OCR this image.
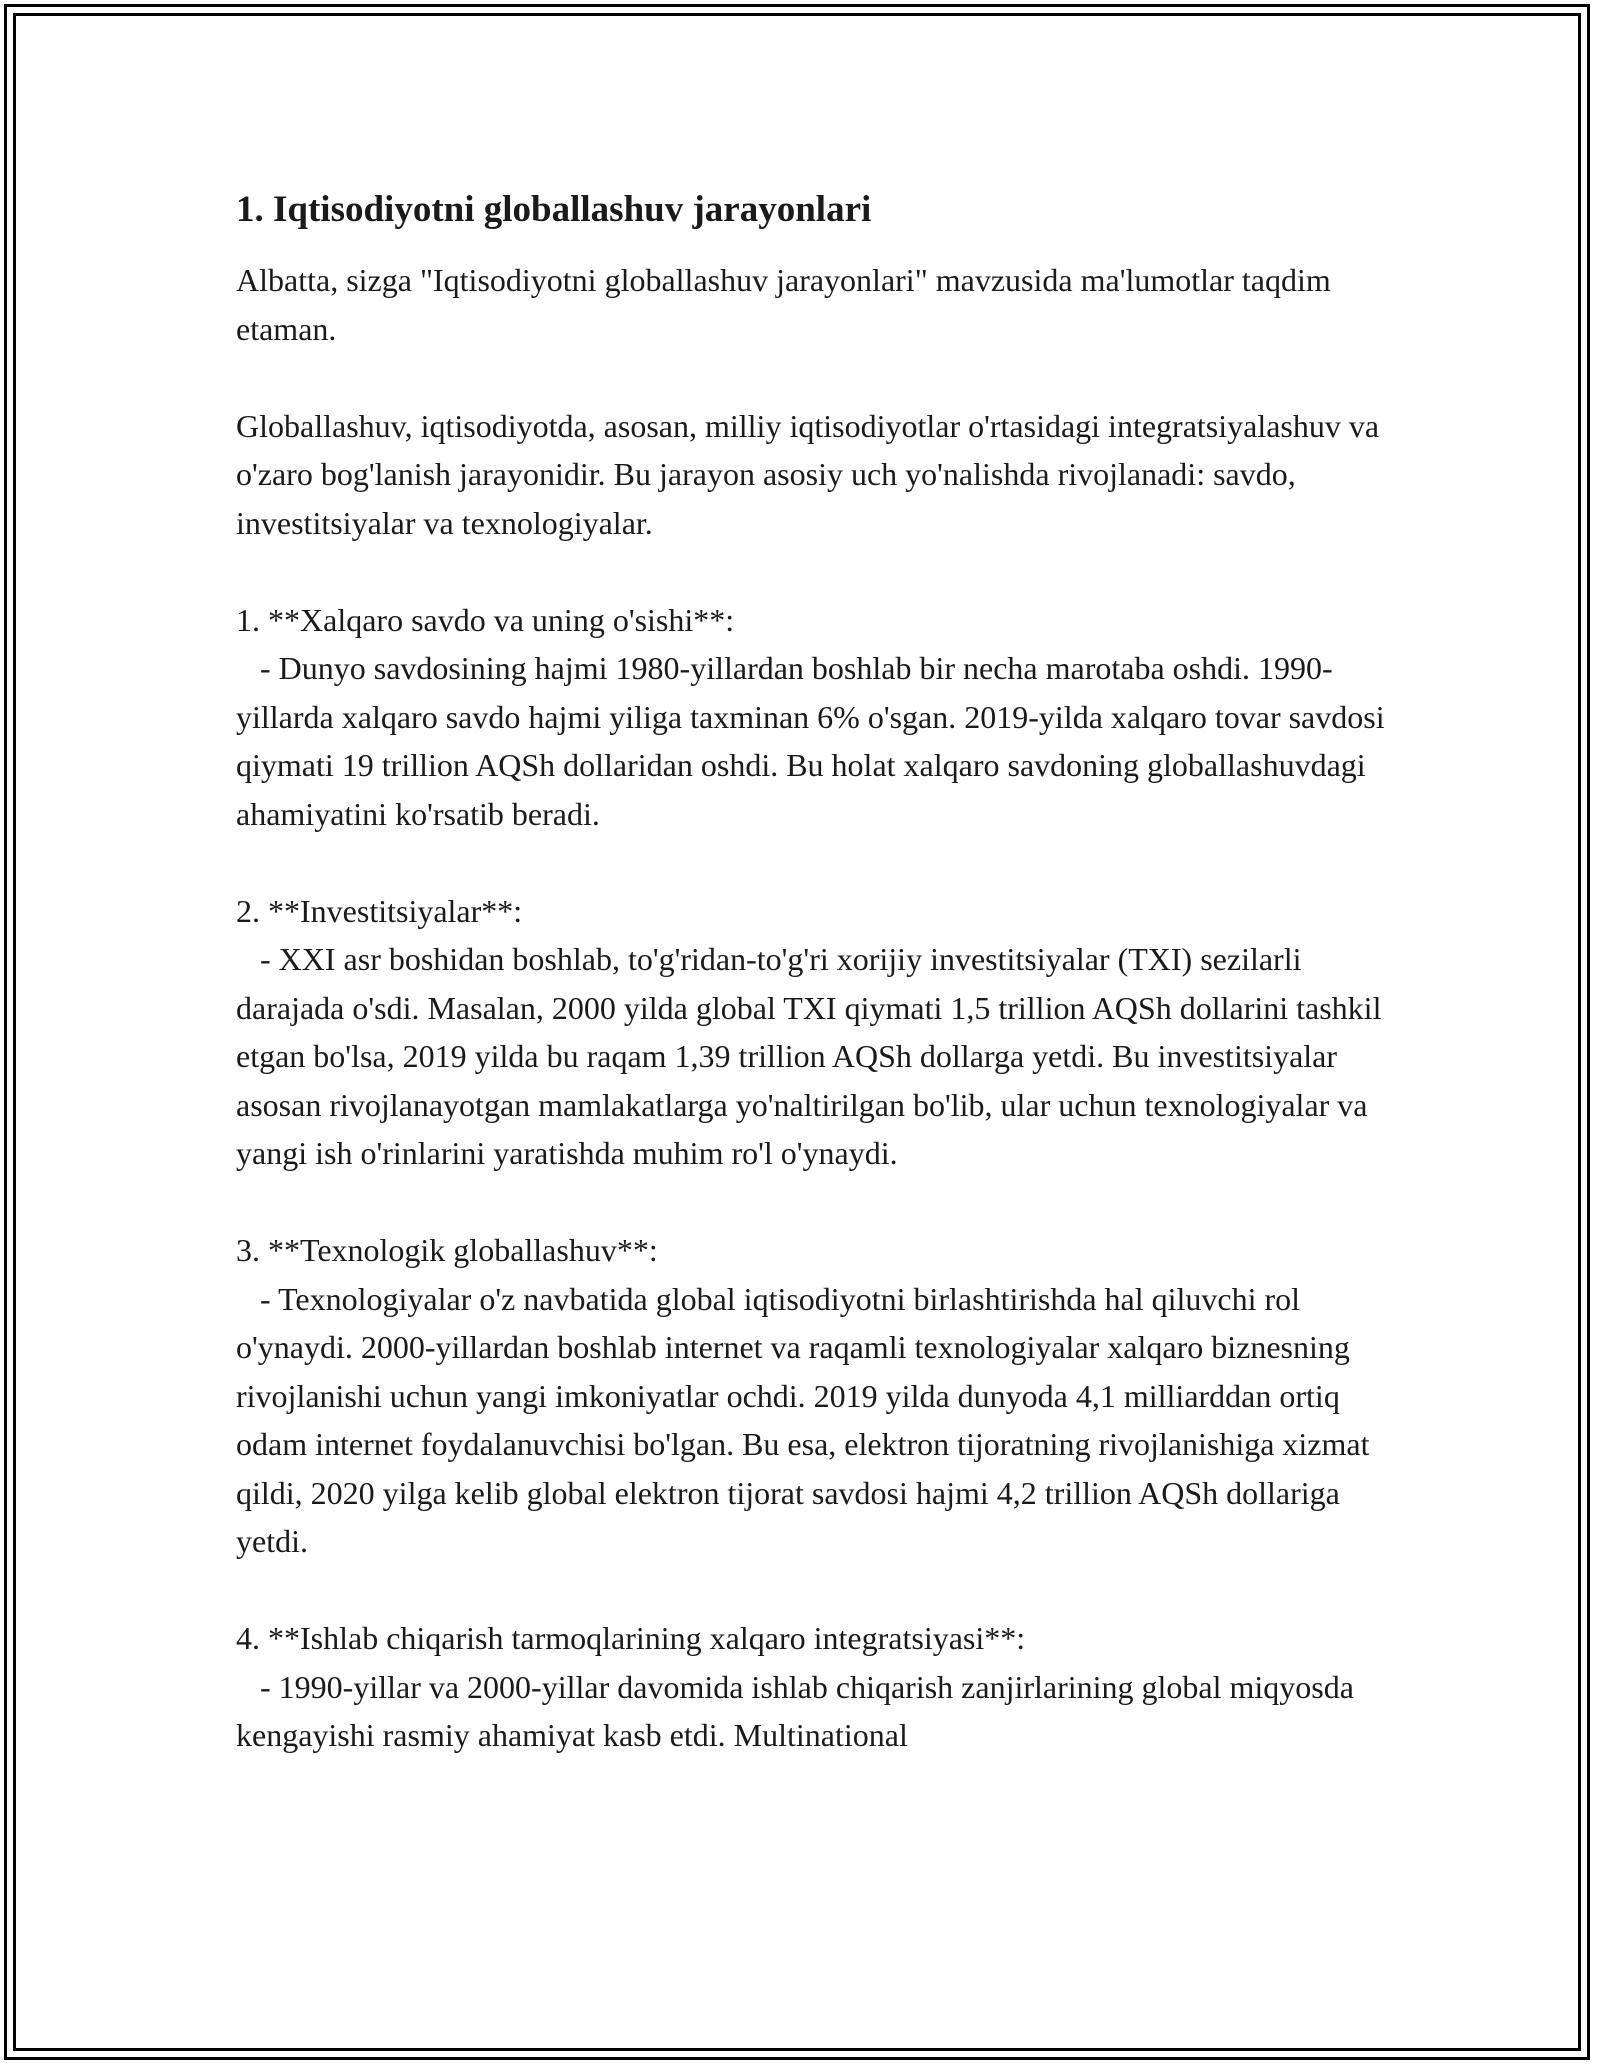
1. Iqtisodiyotni globallashuv jarayonlari

Albatta, sizga "Iqtisodiyotni globallashuv jarayonlari" mavzusida ma'lumotlar taqdim etaman.

Globallashuv, iqtisodiyotda, asosan, milliy iqtisodiyotlar o'rtasidagi integratsiyalashuv va o'zaro bog'lanish jarayonidir. Bu jarayon asosiy uch yo'nalishda rivojlanadi: savdo, investitsiyalar va texnologiyalar.

1. **Xalqaro savdo va uning o'sishi**:
- Dunyo savdosining hajmi 1980-yillardan boshlab bir necha marotaba oshdi. 1990-yillarda xalqaro savdo hajmi yiliga taxminan 6% o'sgan. 2019-yilda xalqaro tovar savdosi qiymati 19 trillion AQSh dollaridan oshdi. Bu holat xalqaro savdoning globallashuvdagi ahamiyatini ko'rsatib beradi.
2. **Investitsiyalar**:
- XXI asr boshidan boshlab, to'g'ridan-to'g'ri xorijiy investitsiyalar (TXI) sezilarli darajada o'sdi. Masalan, 2000 yilda global TXI qiymati 1,5 trillion AQSh dollarini tashkil etgan bo'lsa, 2019 yilda bu raqam 1,39 trillion AQSh dollarga yetdi. Bu investitsiyalar asosan rivojlanayotgan mamlakatlarga yo'naltirilgan bo'lib, ular uchun texnologiyalar va yangi ish o'rinlarini yaratishda muhim ro'l o'ynaydi.
3. **Texnologik globallashuv**:
- Texnologiyalar o'z navbatida global iqtisodiyotni birlashtirishda hal qiluvchi rol o'ynaydi. 2000-yillardan boshlab internet va raqamli texnologiyalar xalqaro biznesning rivojlanishi uchun yangi imkoniyatlar ochdi. 2019 yilda dunyoda 4,1 milliarddan ortiq odam internet foydalanuvchisi bo'lgan. Bu esa, elektron tijoratning rivojlanishiga xizmat qildi, 2020 yilga kelib global elektron tijorat savdosi hajmi 4,2 trillion AQSh dollariga yetdi.
4. **Ishlab chiqarish tarmoqlarining xalqaro integratsiyasi**:
- 1990-yillar va 2000-yillar davomida ishlab chiqarish zanjirlarining global miqyosda kengayishi rasmiy ahamiyat kasb etdi. Multinational
